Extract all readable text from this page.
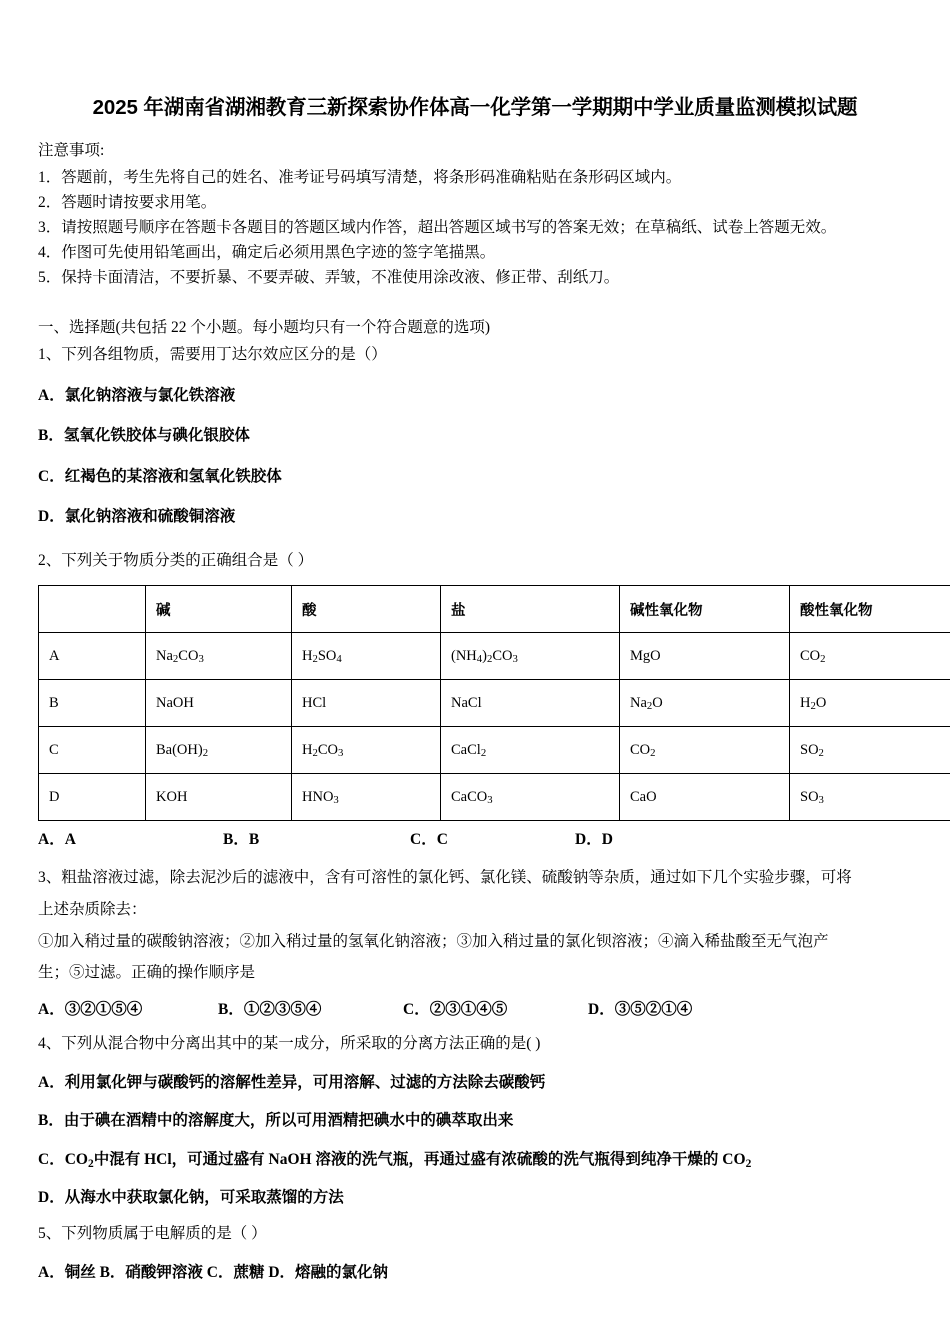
2025 年湖南省湖湘教育三新探索协作体高一化学第一学期期中学业质量监测模拟试题
注意事项:
1．答题前，考生先将自己的姓名、准考证号码填写清楚，将条形码准确粘贴在条形码区域内。
2．答题时请按要求用笔。
3．请按照题号顺序在答题卡各题目的答题区域内作答，超出答题区域书写的答案无效；在草稿纸、试卷上答题无效。
4．作图可先使用铅笔画出，确定后必须用黑色字迹的签字笔描黑。
5．保持卡面清洁，不要折暴、不要弄破、弄皱，不准使用涂改液、修正带、刮纸刀。
一、选择题(共包括 22 个小题。每小题均只有一个符合题意的选项)
1、下列各组物质，需要用丁达尔效应区分的是（）
A．氯化钠溶液与氯化铁溶液
B．氢氧化铁胶体与碘化银胶体
C．红褐色的某溶液和氢氧化铁胶体
D．氯化钠溶液和硫酸铜溶液
2、下列关于物质分类的正确组合是（ ）
	碱	酸	盐	碱性氧化物	酸性氧化物
A	$Na_2CO_3$	$H_2SO_4$	$(NH_4)_2CO_3$	MgO	$CO_2$
B	NaOH	HCl	NaCl	$Na_2O$	$H_2O$
C	$Ba(OH)_2$	$H_2CO_3$	CaCl$_2$	$CO_2$	$SO_2$
D	KOH	$HNO_3$	CaCO$_3$	CaO	$SO_3$
A．A	B．B	C．C	D．D
3、粗盐溶液过滤，除去泥沙后的滤液中，含有可溶性的氯化钙、氯化镁、硫酸钠等杂质，通过如下几个实验步骤，可将
上述杂质除去：
①加入稍过量的碳酸钠溶液；②加入稍过量的氢氧化钠溶液；③加入稍过量的氯化钡溶液；④滴入稀盐酸至无气泡产
生；⑤过滤。正确的操作顺序是
A．③②①⑤④	B．①②③⑤④	C．②③①④⑤	D．③⑤②①④
4、下列从混合物中分离出其中的某一成分，所采取的分离方法正确的是( )
A．利用氯化钾与碳酸钙的溶解性差异，可用溶解、过滤的方法除去碳酸钙
B．由于碘在酒精中的溶解度大，所以可用酒精把碘水中的碘萃取出来
C．$CO_2$中混有 HCl，可通过盛有 NaOH 溶液的洗气瓶，再通过盛有浓硫酸的洗气瓶得到纯净干燥的 $CO_2$
D．从海水中获取氯化钠，可采取蒸馏的方法
5、下列物质属于电解质的是（ ）
A．铜丝 B．硝酸钾溶液 C．蔗糖 D．熔融的氯化钠
